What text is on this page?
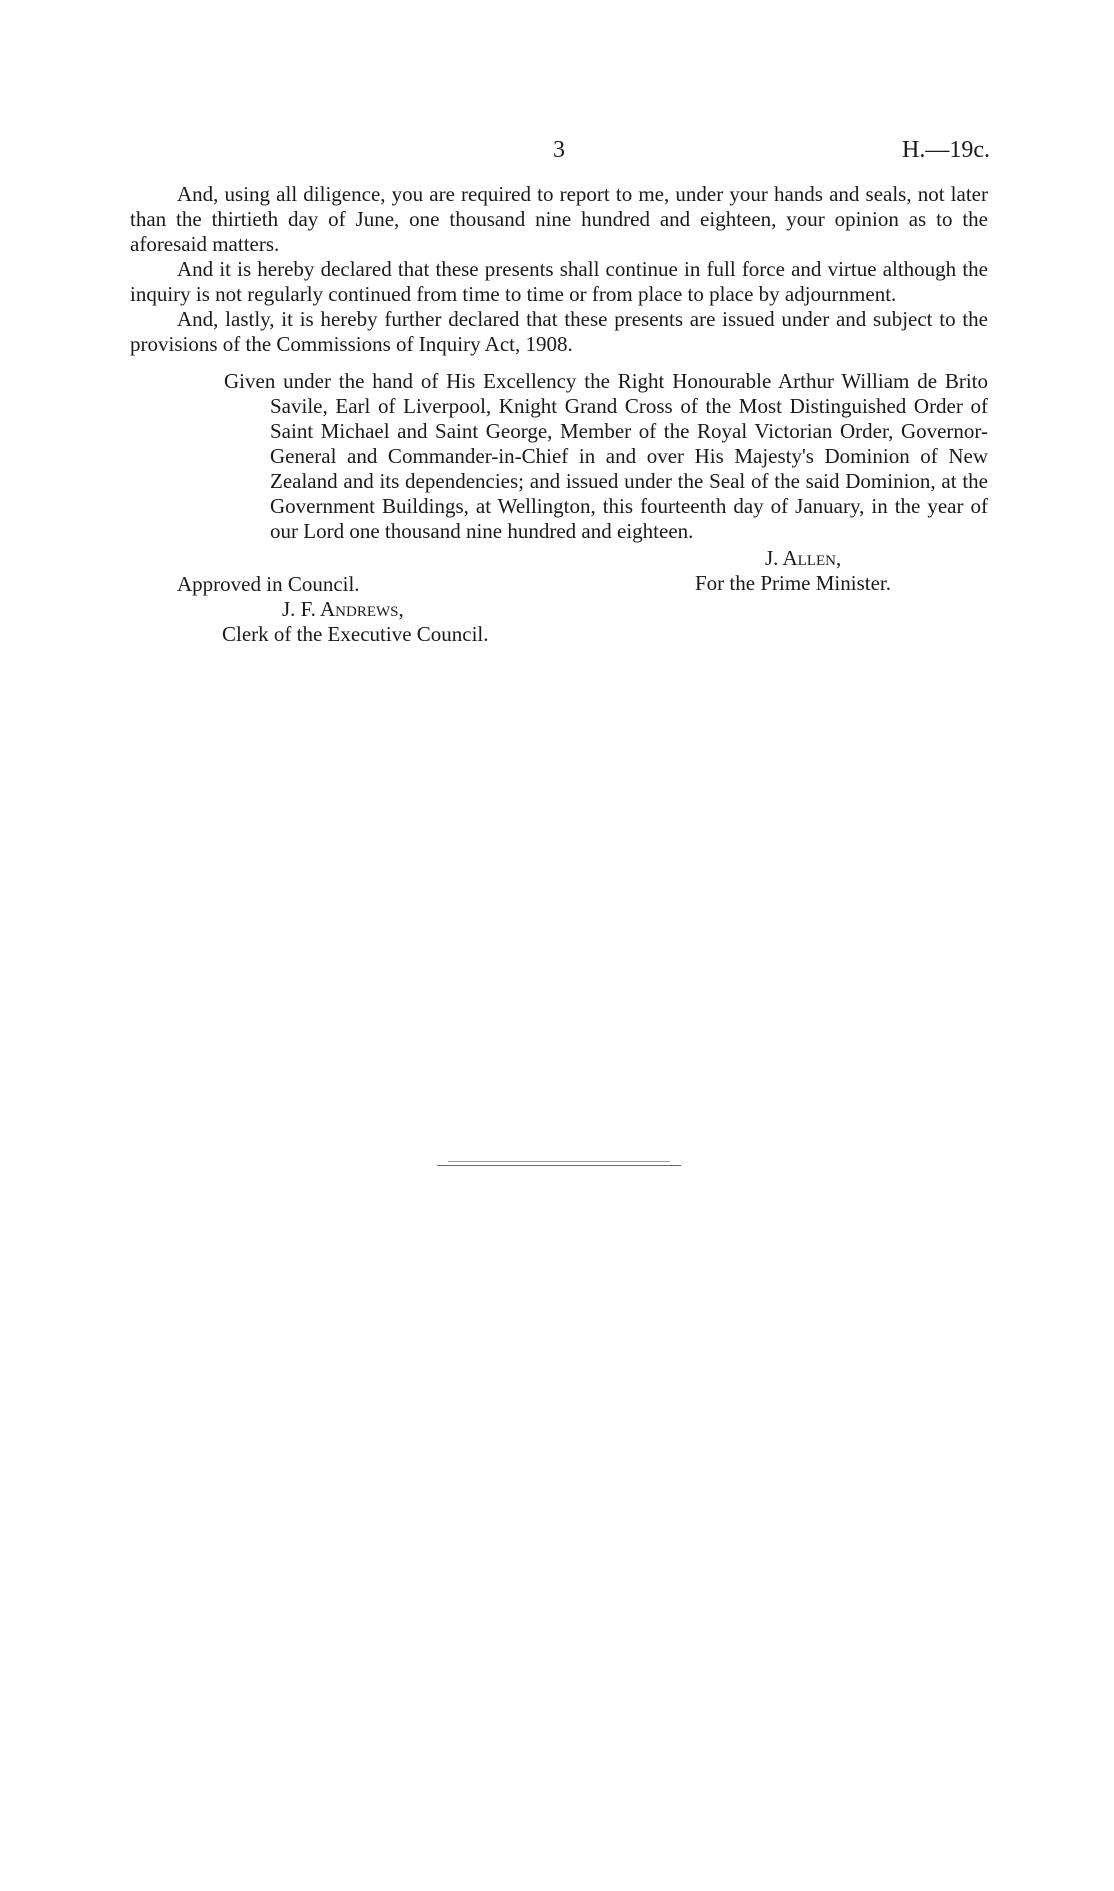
3	H.—19c.

And, using all diligence, you are required to report to me, under your hands and seals, not later than the thirtieth day of June, one thousand nine hundred and eighteen, your opinion as to the aforesaid matters.

And it is hereby declared that these presents shall continue in full force and virtue although the inquiry is not regularly continued from time to time or from place to place by adjournment.

And, lastly, it is hereby further declared that these presents are issued under and subject to the provisions of the Commissions of Inquiry Act, 1908.

Given under the hand of His Excellency the Right Honourable Arthur William de Brito Savile, Earl of Liverpool, Knight Grand Cross of the Most Distinguished Order of Saint Michael and Saint George, Member of the Royal Victorian Order, Governor-General and Commander-in-Chief in and over His Majesty's Dominion of New Zealand and its dependencies; and issued under the Seal of the said Dominion, at the Government Buildings, at Wellington, this fourteenth day of January, in the year of our Lord one thousand nine hundred and eighteen.

J. Allen,
For the Prime Minister.
Approved in Council.
J. F. Andrews,
Clerk of the Executive Council.
